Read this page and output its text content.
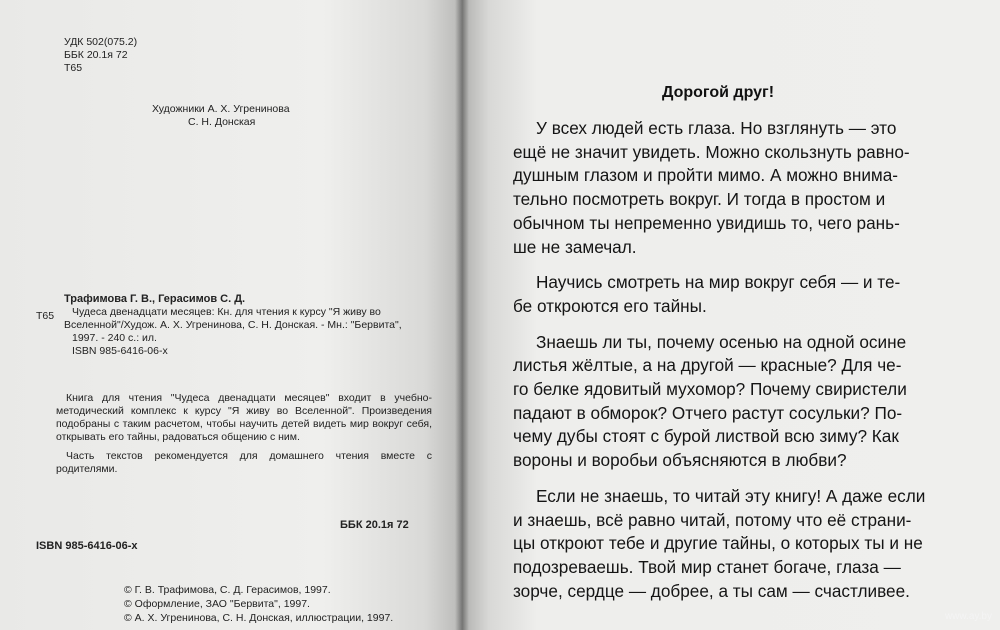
УДК 502(075.2)
ББК 20.1я 72
Т65
Художники А. Х. Угренинова
С. Н. Донская
Т65
Трафимова Г. В., Герасимов С. Д.
Чудеса двенадцати месяцев: Кн. для чтения к курсу "Я живу во
Вселенной"/Худож. А. Х. Угренинова, С. Н. Донская. - Мн.: "Бервита",
1997. - 240 с.: ил.
ISBN 985-6416-06-х

Книга для чтения "Чудеса двенадцати месяцев" входит в учебно-методический комплекс к курсу "Я живу во Вселенной". Произведения подобраны с таким расчетом, чтобы научить детей видеть мир вокруг себя, открывать его тайны, радоваться общению с ним.

Часть текстов рекомендуется для домашнего чтения вместе с родителями.

ББК 20.1я 72
ISBN 985-6416-06-х
© Г. В. Трафимова, С. Д. Герасимов, 1997.
© Оформление, ЗАО "Бервита", 1997.
© А. Х. Угренинова, С. Н. Донская, иллюстрации, 1997.
Дорогой друг!

У всех людей есть глаза. Но взглянуть — это
ещё не значит увидеть. Можно скользнуть равно-
душным глазом и пройти мимо. А можно внима-
тельно посмотреть вокруг. И тогда в простом и
обычном ты непременно увидишь то, чего рань-
ше не замечал.

Научись смотреть на мир вокруг себя — и те-
бе откроются его тайны.

Знаешь ли ты, почему осенью на одной осине
листья жёлтые, а на другой — красные? Для че-
го белке ядовитый мухомор? Почему свиристели
падают в обморок? Отчего растут сосульки? По-
чему дубы стоят с бурой листвой всю зиму? Как
вороны и воробьи объясняются в любви?

Если не знаешь, то читай эту книгу! А даже если
и знаешь, всё равно читай, потому что её страни-
цы откроют тебе и другие тайны, о которых ты и не
подозреваешь. Твой мир станет богаче, глаза —
зорче, сердце — добрее, а ты сам — счастливее.

www.ay.by
